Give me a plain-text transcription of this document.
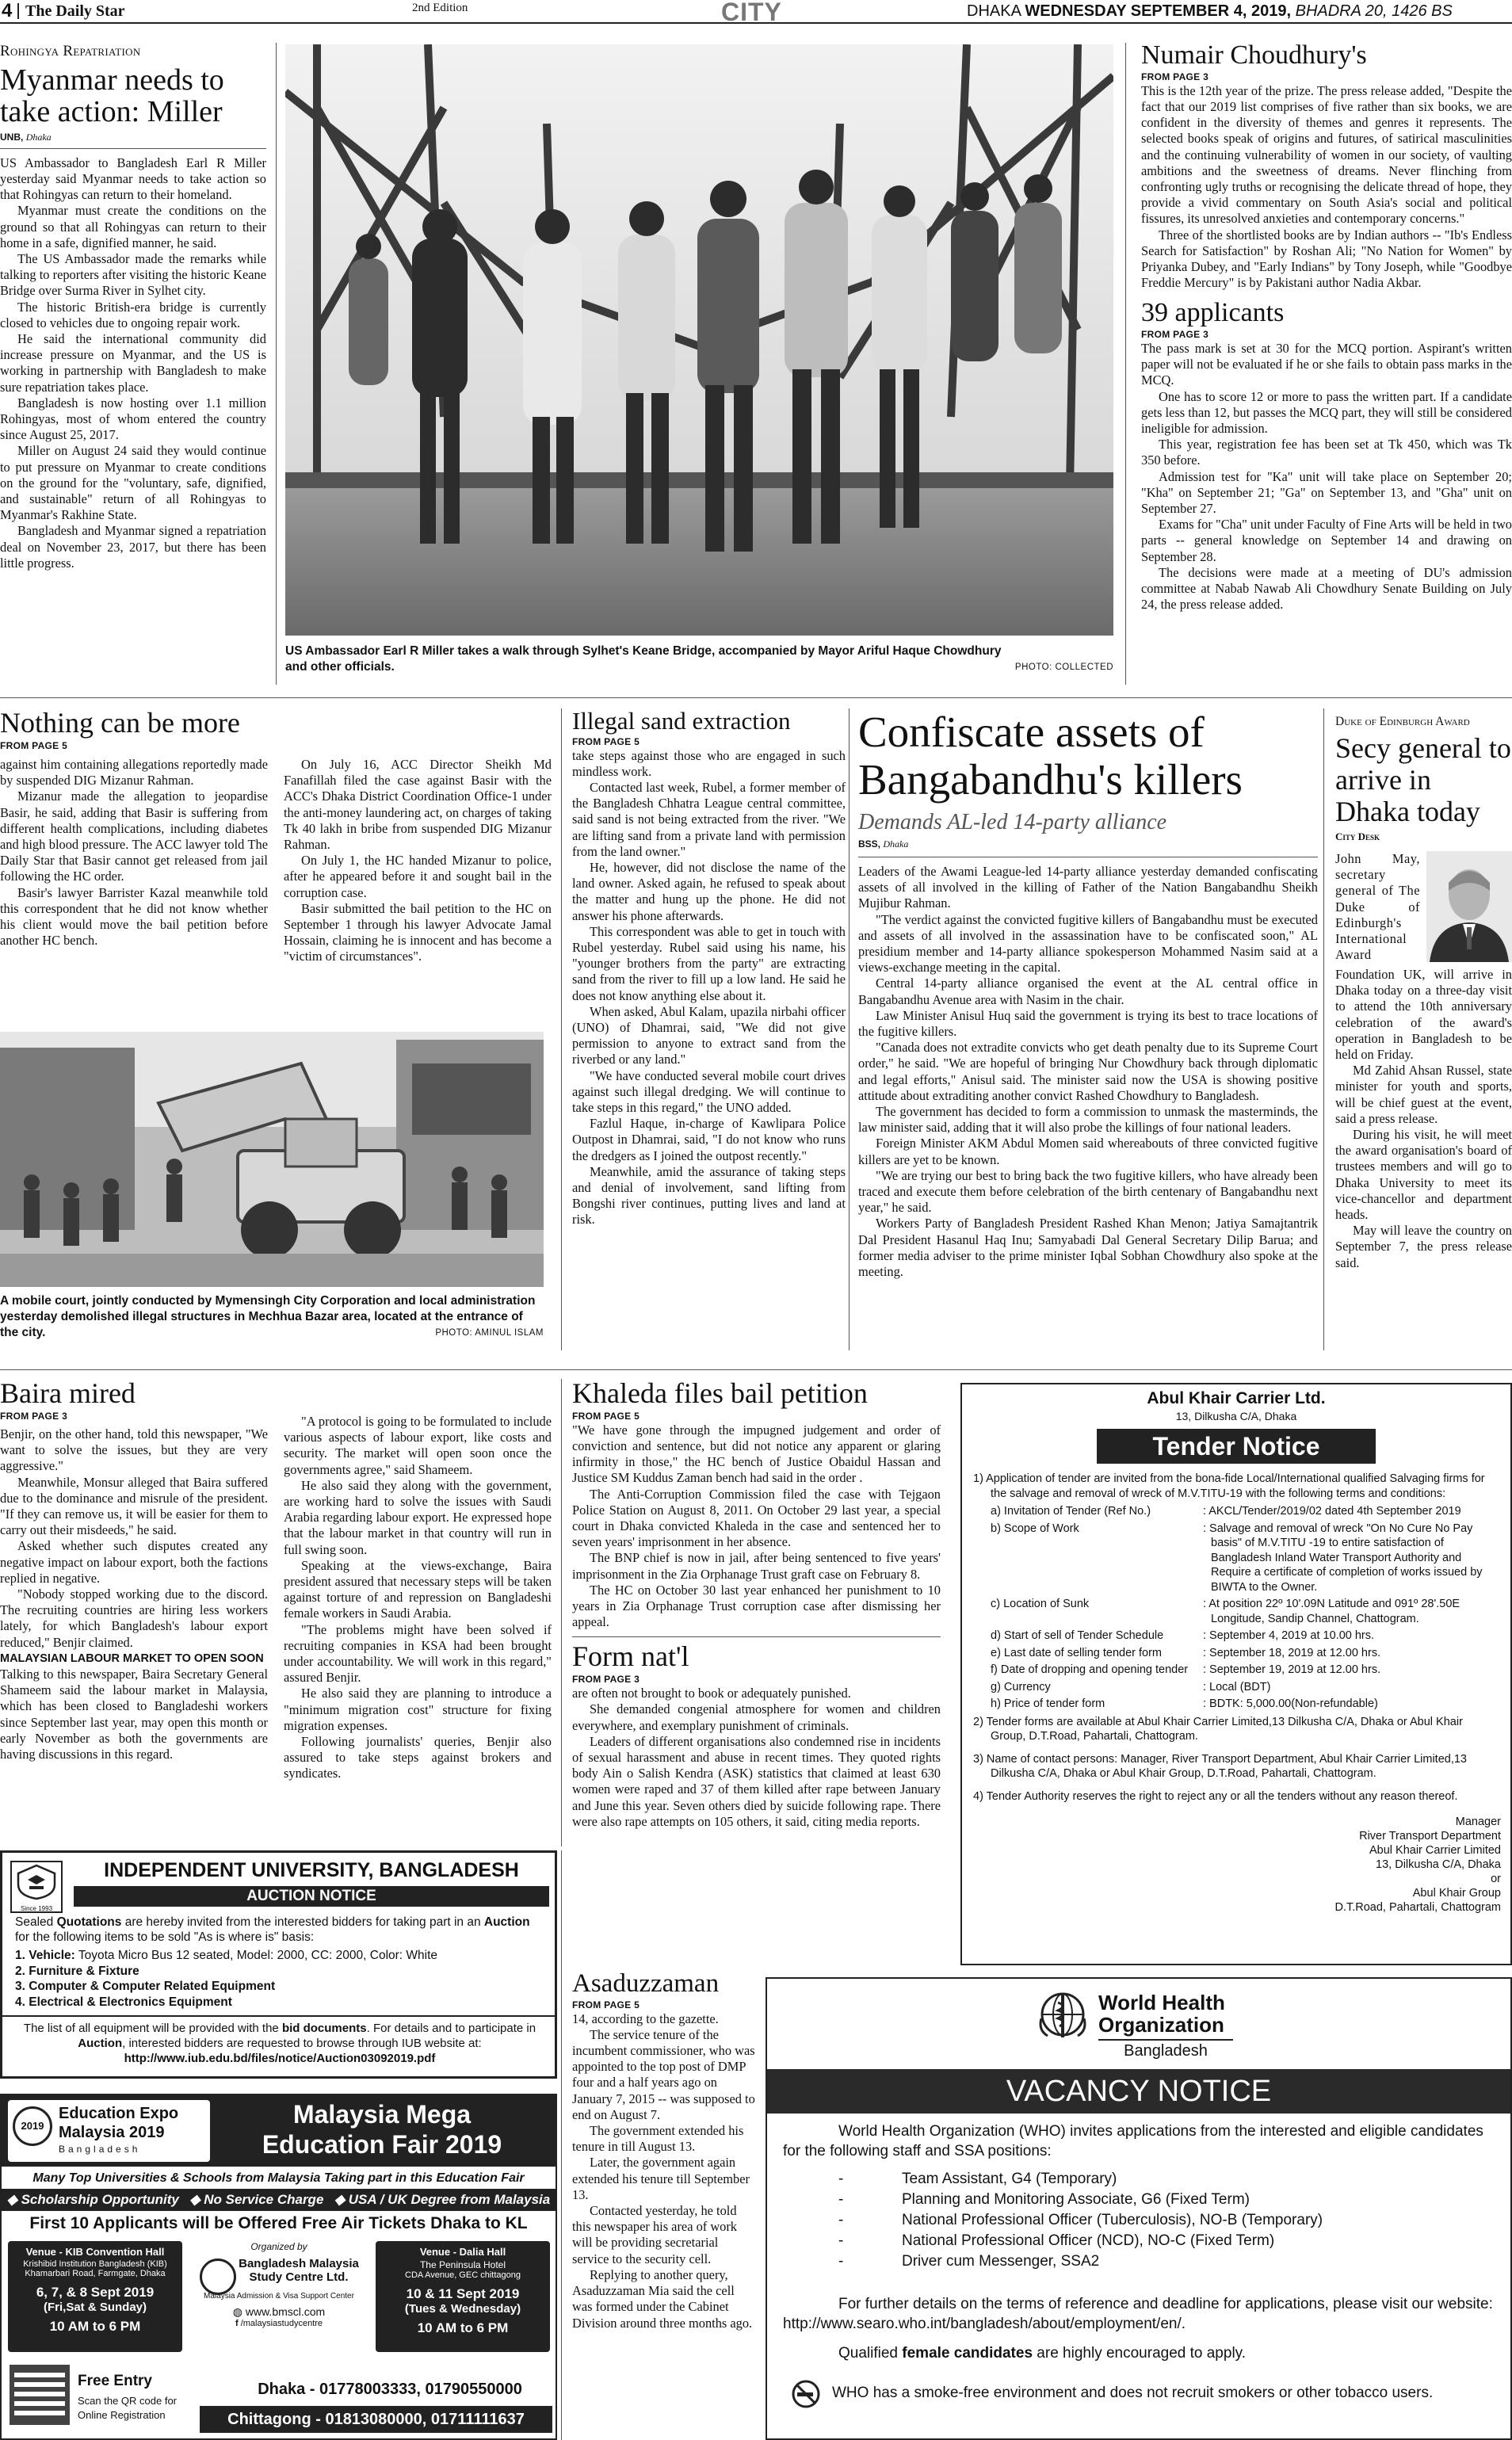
4 The Daily Star	2nd Edition	CITY	DHAKA WEDNESDAY SEPTEMBER 4, 2019, BHADRA 20, 1426 BS
Rohingya Repatriation
Myanmar needs to take action: Miller
UNB, Dhaka

US Ambassador to Bangladesh Earl R Miller yesterday said Myanmar needs to take action so that Rohingyas can return to their homeland.

Myanmar must create the conditions on the ground so that all Rohingyas can return to their home in a safe, dignified manner, he said.

The US Ambassador made the remarks while talking to reporters after visiting the historic Keane Bridge over Surma River in Sylhet city.

The historic British-era bridge is currently closed to vehicles due to ongoing repair work.

He said the international community did increase pressure on Myanmar, and the US is working in partnership with Bangladesh to make sure repatriation takes place.

Bangladesh is now hosting over 1.1 million Rohingyas, most of whom entered the country since August 25, 2017.

Miller on August 24 said they would continue to put pressure on Myanmar to create conditions on the ground for the "voluntary, safe, dignified, and sustainable" return of all Rohingyas to Myanmar's Rakhine State.

Bangladesh and Myanmar signed a repatriation deal on November 23, 2017, but there has been little progress.

US Ambassador Earl R Miller takes a walk through Sylhet's Keane Bridge, accompanied by Mayor Ariful Haque Chowdhury and other officials.	PHOTO: COLLECTED
Numair Choudhury's
FROM PAGE 3

This is the 12th year of the prize. The press release added, "Despite the fact that our 2019 list comprises of five rather than six books, we are confident in the diversity of themes and genres it represents. The selected books speak of origins and futures, of satirical masculinities and the continuing vulnerability of women in our society, of vaulting ambitions and the sweetness of dreams. Never flinching from confronting ugly truths or recognising the delicate thread of hope, they provide a vivid commentary on South Asia's social and political fissures, its unresolved anxieties and contemporary concerns."

Three of the shortlisted books are by Indian authors -- "Ib's Endless Search for Satisfaction" by Roshan Ali; "No Nation for Women" by Priyanka Dubey, and "Early Indians" by Tony Joseph, while "Goodbye Freddie Mercury" is by Pakistani author Nadia Akbar.

39 applicants
FROM PAGE 3

The pass mark is set at 30 for the MCQ portion. Aspirant's written paper will not be evaluated if he or she fails to obtain pass marks in the MCQ.

One has to score 12 or more to pass the written part. If a candidate gets less than 12, but passes the MCQ part, they will still be considered ineligible for admission.

This year, registration fee has been set at Tk 450, which was Tk 350 before.

Admission test for "Ka" unit will take place on September 20; "Kha" on September 21; "Ga" on September 13, and "Gha" unit on September 27.

Exams for "Cha" unit under Faculty of Fine Arts will be held in two parts -- general knowledge on September 14 and drawing on September 28.

The decisions were made at a meeting of DU's admission committee at Nabab Nawab Ali Chowdhury Senate Building on July 24, the press release added.

Nothing can be more
FROM PAGE 5

against him containing allegations reportedly made by suspended DIG Mizanur Rahman.

Mizanur made the allegation to jeopardise Basir, he said, adding that Basir is suffering from different health complications, including diabetes and high blood pressure. The ACC lawyer told The Daily Star that Basir cannot get released from jail following the HC order.

Basir's lawyer Barrister Kazal meanwhile told this correspondent that he did not know whether his client would move the bail petition before another HC bench.

On July 16, ACC Director Sheikh Md Fanafillah filed the case against Basir with the ACC's Dhaka District Coordination Office-1 under the anti-money laundering act, on charges of taking Tk 40 lakh in bribe from suspended DIG Mizanur Rahman.

On July 1, the HC handed Mizanur to police, after he appeared before it and sought bail in the corruption case.

Basir submitted the bail petition to the HC on September 1 through his lawyer Advocate Jamal Hossain, claiming he is innocent and has become a "victim of circumstances".

A mobile court, jointly conducted by Mymensingh City Corporation and local administration yesterday demolished illegal structures in Mechhua Bazar area, located at the entrance of the city.	PHOTO: AMINUL ISLAM
Illegal sand extraction
FROM PAGE 5

take steps against those who are engaged in such mindless work.

Contacted last week, Rubel, a former member of the Bangladesh Chhatra League central committee, said sand is not being extracted from the river. "We are lifting sand from a private land with permission from the land owner."

He, however, did not disclose the name of the land owner. Asked again, he refused to speak about the matter and hung up the phone. He did not answer his phone afterwards.

This correspondent was able to get in touch with Rubel yesterday. Rubel said using his name, his "younger brothers from the party" are extracting sand from the river to fill up a low land. He said he does not know anything else about it.

When asked, Abul Kalam, upazila nirbahi officer (UNO) of Dhamrai, said, "We did not give permission to anyone to extract sand from the riverbed or any land."

"We have conducted several mobile court drives against such illegal dredging. We will continue to take steps in this regard," the UNO added.

Fazlul Haque, in-charge of Kawlipara Police Outpost in Dhamrai, said, "I do not know who runs the dredgers as I joined the outpost recently."

Meanwhile, amid the assurance of taking steps and denial of involvement, sand lifting from Bongshi river continues, putting lives and land at risk.

Confiscate assets of Bangabandhu's killers
Demands AL-led 14-party alliance
BSS, Dhaka

Leaders of the Awami League-led 14-party alliance yesterday demanded confiscating assets of all involved in the killing of Father of the Nation Bangabandhu Sheikh Mujibur Rahman.

"The verdict against the convicted fugitive killers of Bangabandhu must be executed and assets of all involved in the assassination have to be confiscated soon," AL presidium member and 14-party alliance spokesperson Mohammed Nasim said at a views-exchange meeting in the capital.

Central 14-party alliance organised the event at the AL central office in Bangabandhu Avenue area with Nasim in the chair.

Law Minister Anisul Huq said the government is trying its best to trace locations of the fugitive killers.

"Canada does not extradite convicts who get death penalty due to its Supreme Court order," he said. "We are hopeful of bringing Nur Chowdhury back through diplomatic and legal efforts," Anisul said. The minister said now the USA is showing positive attitude about extraditing another convict Rashed Chowdhury to Bangladesh.

The government has decided to form a commission to unmask the masterminds, the law minister said, adding that it will also probe the killings of four national leaders.

Foreign Minister AKM Abdul Momen said whereabouts of three convicted fugitive killers are yet to be known.

"We are trying our best to bring back the two fugitive killers, who have already been traced and execute them before celebration of the birth centenary of Bangabandhu next year," he said.

Workers Party of Bangladesh President Rashed Khan Menon; Jatiya Samajtantrik Dal President Hasanul Haq Inu; Samyabadi Dal General Secretary Dilip Barua; and former media adviser to the prime minister Iqbal Sobhan Chowdhury also spoke at the meeting.

Duke of Edinburgh Award
Secy general to arrive in Dhaka today
City Desk

John May, secretary general of The Duke of Edinburgh's International Award

Foundation UK, will arrive in Dhaka today on a three-day visit to attend the 10th anniversary celebration of the award's operation in Bangladesh to be held on Friday.

Md Zahid Ahsan Russel, state minister for youth and sports, will be chief guest at the event, said a press release.

During his visit, he will meet the award organisation's board of trustees members and will go to Dhaka University to meet its vice-chancellor and department heads.

May will leave the country on September 7, the press release said.

Baira mired
FROM PAGE 3

Benjir, on the other hand, told this newspaper, "We want to solve the issues, but they are very aggressive."

Meanwhile, Monsur alleged that Baira suffered due to the dominance and misrule of the president. "If they can remove us, it will be easier for them to carry out their misdeeds," he said.

Asked whether such disputes created any negative impact on labour export, both the factions replied in negative.

"Nobody stopped working due to the discord. The recruiting countries are hiring less workers lately, for which Bangladesh's labour export reduced," Benjir claimed.

MALAYSIAN LABOUR MARKET TO OPEN SOON

Talking to this newspaper, Baira Secretary General Shameem said the labour market in Malaysia, which has been closed to Bangladeshi workers since September last year, may open this month or early November as both the governments are having discussions in this regard.

"A protocol is going to be formulated to include various aspects of labour export, like costs and security. The market will open soon once the governments agree," said Shameem.

He also said they along with the government, are working hard to solve the issues with Saudi Arabia regarding labour export. He expressed hope that the labour market in that country will run in full swing soon.

Speaking at the views-exchange, Baira president assured that necessary steps will be taken against torture of and repression on Bangladeshi female workers in Saudi Arabia.

"The problems might have been solved if recruiting companies in KSA had been brought under accountability. We will work in this regard," assured Benjir.

He also said they are planning to introduce a "minimum migration cost" structure for fixing migration expenses.

Following journalists' queries, Benjir also assured to take steps against brokers and syndicates.

Since 1993
INDEPENDENT UNIVERSITY, BANGLADESH
AUCTION NOTICE
Sealed Quotations are hereby invited from the interested bidders for taking part in an Auction for the following items to be sold "As is where is" basis:
1. Vehicle: Toyota Micro Bus 12 seated, Model: 2000, CC: 2000, Color: White
2. Furniture & Fixture
3. Computer & Computer Related Equipment
4. Electrical & Electronics Equipment
The list of all equipment will be provided with the bid documents. For details and to participate in Auction, interested bidders are requested to browse through IUB website at: http://www.iub.edu.bd/files/notice/Auction03092019.pdf
2019
Education Expo
Malaysia 2019
Bangladesh
Malaysia Mega
Education Fair 2019
Many Top Universities & Schools from Malaysia Taking part in this Education Fair
◆ Scholarship Opportunity ◆ No Service Charge ◆ USA / UK Degree from Malaysia
First 10 Applicants will be Offered Free Air Tickets Dhaka to KL
Venue - KIB Convention Hall
Krishibid Institution Bangladesh (KIB)
Khamarbari Road, Farmgate, Dhaka
6, 7, & 8 Sept 2019
(Fri,Sat & Sunday)
10 AM to 6 PM
Organized by
Bangladesh Malaysia
Study Centre Ltd.
Malaysia Admission & Visa Support Center
◍ www.bmscl.com
f /malaysiastudycentre
Venue - Dalia Hall
The Peninsula Hotel
CDA Avenue, GEC chittagong
10 & 11 Sept 2019
(Tues & Wednesday)
10 AM to 6 PM
Free Entry
Scan the QR code for
Online Registration
Dhaka - 01778003333, 01790550000
Chittagong - 01813080000, 01711111637
Khaleda files bail petition
FROM PAGE 5

"We have gone through the impugned judgement and order of conviction and sentence, but did not notice any apparent or glaring infirmity in those," the HC bench of Justice Obaidul Hassan and Justice SM Kuddus Zaman bench had said in the order .

The Anti-Corruption Commission filed the case with Tejgaon Police Station on August 8, 2011. On October 29 last year, a special court in Dhaka convicted Khaleda in the case and sentenced her to seven years' imprisonment in her absence.

The BNP chief is now in jail, after being sentenced to five years' imprisonment in the Zia Orphanage Trust graft case on February 8.

The HC on October 30 last year enhanced her punishment to 10 years in Zia Orphanage Trust corruption case after dismissing her appeal.

Form nat'l
FROM PAGE 3

are often not brought to book or adequately punished.

She demanded congenial atmosphere for women and children everywhere, and exemplary punishment of criminals.

Leaders of different organisations also condemned rise in incidents of sexual harassment and abuse in recent times. They quoted rights body Ain o Salish Kendra (ASK) statistics that claimed at least 630 women were raped and 37 of them killed after rape between January and June this year. Seven others died by suicide following rape. There were also rape attempts on 105 others, it said, citing media reports.

Abul Khair Carrier Ltd.
13, Dilkusha C/A, Dhaka
Tender Notice
1) Application of tender are invited from the bona-fide Local/International qualified Salvaging firms for the salvage and removal of wreck of M.V.TITU-19 with the following terms and conditions:
a) Invitation of Tender (Ref No.)	: AKCL/Tender/2019/02 dated 4th September 2019
b) Scope of Work	: Salvage and removal of wreck "On No Cure No Pay basis" of M.V.TITU -19 to entire satisfaction of Bangladesh Inland Water Transport Authority and Require a certificate of completion of works issued by BIWTA to the Owner.
c) Location of Sunk	: At position 22º 10'.09N Latitude and 091º 28'.50E Longitude, Sandip Channel, Chattogram.
d) Start of sell of Tender Schedule	: September 4, 2019 at 10.00 hrs.
e) Last date of selling tender form	: September 18, 2019 at 12.00 hrs.
f) Date of dropping and opening tender	: September 19, 2019 at 12.00 hrs.
g) Currency	: Local (BDT)
h) Price of tender form	: BDTK: 5,000.00(Non-refundable)
2) Tender forms are available at Abul Khair Carrier Limited,13 Dilkusha C/A, Dhaka or Abul Khair Group, D.T.Road, Pahartali, Chattogram.
3) Name of contact persons: Manager, River Transport Department, Abul Khair Carrier Limited,13 Dilkusha C/A, Dhaka or Abul Khair Group, D.T.Road, Pahartali, Chattogram.
4) Tender Authority reserves the right to reject any or all the tenders without any reason thereof.
Manager
River Transport Department
Abul Khair Carrier Limited
13, Dilkusha C/A, Dhaka
or
Abul Khair Group
D.T.Road, Pahartali, Chattogram
Asaduzzaman
FROM PAGE 5

14, according to the gazette.

The service tenure of the incumbent commissioner, who was appointed to the top post of DMP four and a half years ago on January 7, 2015 -- was supposed to end on August 7.

The government extended his tenure in till August 13.

Later, the government again extended his tenure till September 13.

Contacted yesterday, he told this newspaper his area of work will be providing secretarial service to the security cell.

Replying to another query, Asaduzzaman Mia said the cell was formed under the Cabinet Division around three months ago.

World Health
Organization
Bangladesh
VACANCY NOTICE
World Health Organization (WHO) invites applications from the interested and eligible candidates for the following staff and SSA positions:
-	Team Assistant, G4 (Temporary)
-	Planning and Monitoring Associate, G6 (Fixed Term)
-	National Professional Officer (Tuberculosis), NO-B (Temporary)
-	National Professional Officer (NCD), NO-C (Fixed Term)
-	Driver cum Messenger, SSA2
For further details on the terms of reference and deadline for applications, please visit our website: http://www.searo.who.int/bangladesh/about/employment/en/.
Qualified female candidates are highly encouraged to apply.
WHO has a smoke-free environment and does not recruit smokers or other tobacco users.
